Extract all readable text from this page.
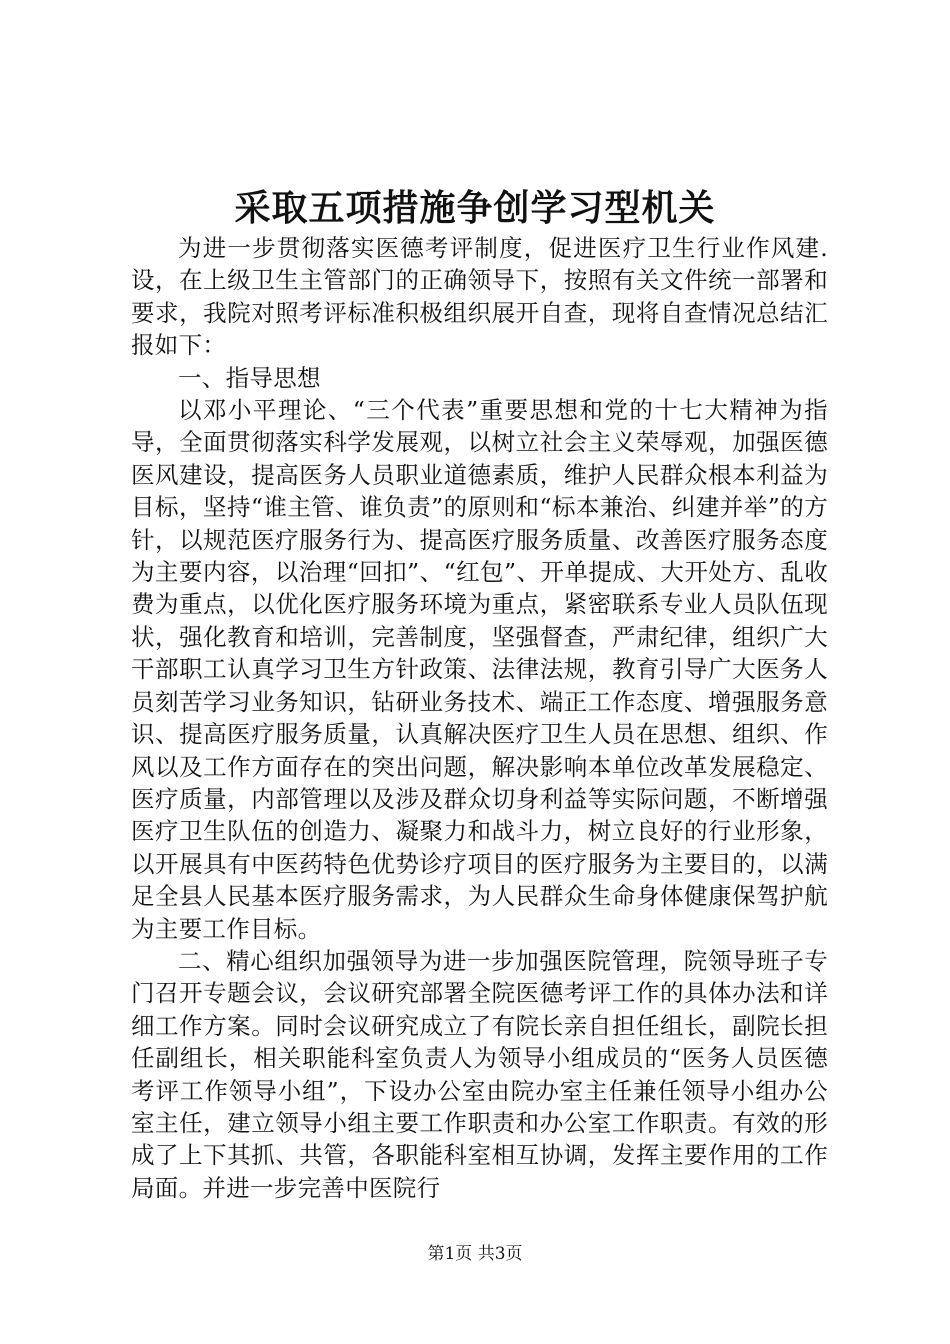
采取五项措施争创学习型机关

为进一步贯彻落实医德考评制度，促进医疗卫生行业作风建.设，在上级卫生主管部门的正确领导下，按照有关文件统一部署和要求，我院对照考评标准积极组织展开自查，现将自查情况总结汇报如下：

一、指导思想

以邓小平理论、“三个代表”重要思想和党的十七大精神为指导，全面贯彻落实科学发展观，以树立社会主义荣辱观，加强医德医风建设，提高医务人员职业道德素质，维护人民群众根本利益为目标，坚持“谁主管、谁负责”的原则和“标本兼治、纠建并举”的方针，以规范医疗服务行为、提高医疗服务质量、改善医疗服务态度为主要内容，以治理“回扣”、“红包”、开单提成、大开处方、乱收费为重点，以优化医疗服务环境为重点，紧密联系专业人员队伍现状，强化教育和培训，完善制度，坚强督查，严肃纪律，组织广大干部职工认真学习卫生方针政策、法律法规，教育引导广大医务人员刻苦学习业务知识，钻研业务技术、端正工作态度、增强服务意识、提高医疗服务质量，认真解决医疗卫生人员在思想、组织、作风以及工作方面存在的突出问题，解决影响本单位改革发展稳定、医疗质量，内部管理以及涉及群众切身利益等实际问题，不断增强医疗卫生队伍的创造力、凝聚力和战斗力，树立良好的行业形象，以开展具有中医药特色优势诊疗项目的医疗服务为主要目的，以满足全县人民基本医疗服务需求，为人民群众生命身体健康保驾护航为主要工作目标。

二、精心组织加强领导为进一步加强医院管理，院领导班子专门召开专题会议，会议研究部署全院医德考评工作的具体办法和详细工作方案。同时会议研究成立了有院长亲自担任组长，副院长担任副组长，相关职能科室负责人为领导小组成员的“医务人员医德考评工作领导小组”，下设办公室由院办室主任兼任领导小组办公室主任，建立领导小组主要工作职责和办公室工作职责。有效的形成了上下其抓、共管，各职能科室相互协调，发挥主要作用的工作局面。并进一步完善中医院行

第1页 共3页
